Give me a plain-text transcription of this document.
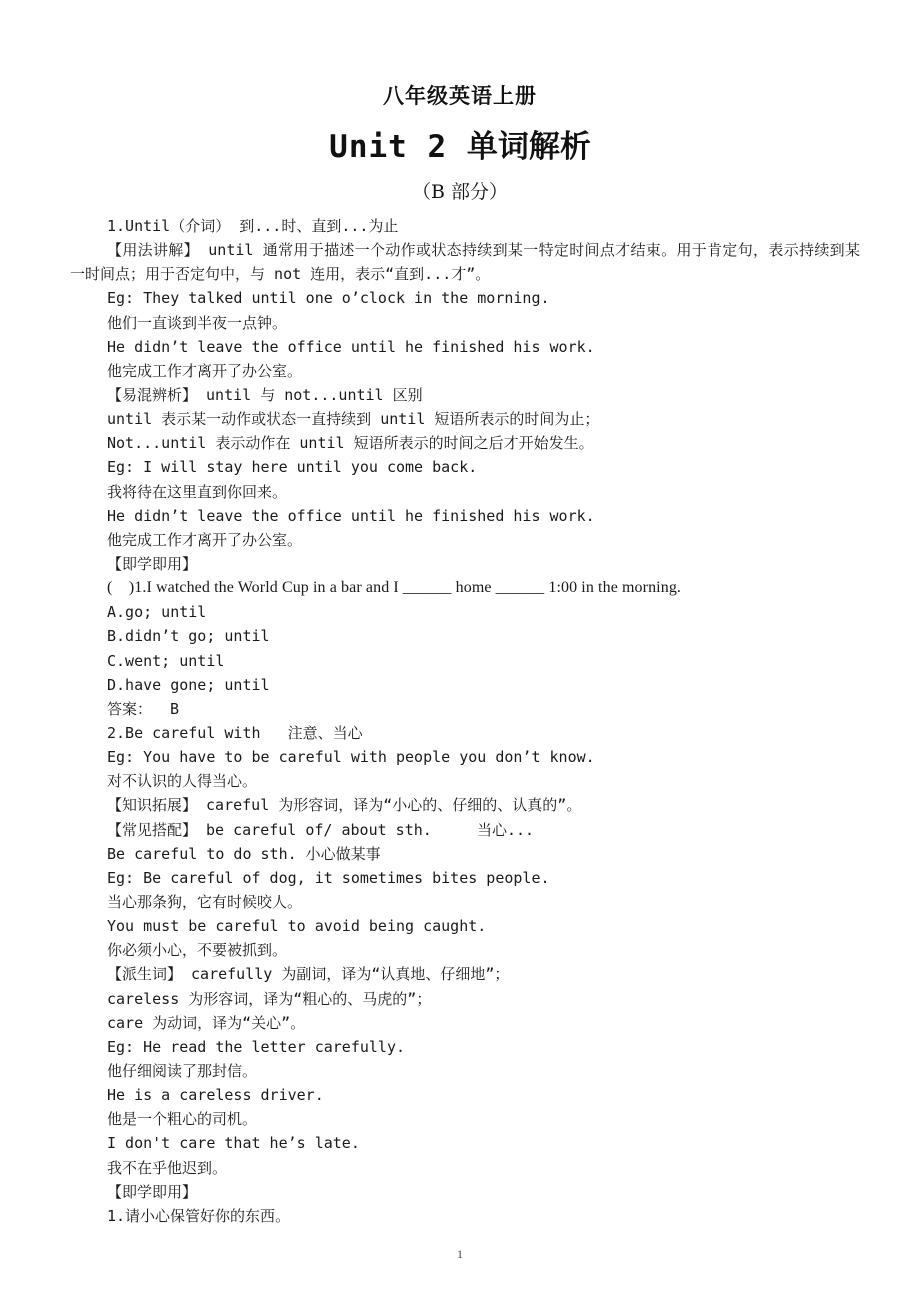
八年级英语上册
Unit 2 单词解析
（B 部分）
1.Until（介词） 到...时、直到...为止
【用法讲解】 until 通常用于描述一个动作或状态持续到某一特定时间点才结束。用于肯定句，表示持续到某一时间点；用于否定句中，与 not 连用，表示“直到...才”。
Eg: They talked until one o’clock in the morning.
他们一直谈到半夜一点钟。
He didn’t leave the office until he finished his work.
他完成工作才离开了办公室。
【易混辨析】 until 与 not...until 区别
until 表示某一动作或状态一直持续到 until 短语所表示的时间为止；
Not...until 表示动作在 until 短语所表示的时间之后才开始发生。
Eg: I will stay here until you come back.
我将待在这里直到你回来。
He didn’t leave the office until he finished his work.
他完成工作才离开了办公室。
【即学即用】
(    )1.I watched the World Cup in a bar and I ______ home ______ 1:00 in the morning.
A.go; until
B.didn’t go; until
C.went; until
D.have gone; until
答案：  B
2.Be careful with   注意、当心
Eg: You have to be careful with people you don’t know.
对不认识的人得当心。
【知识拓展】 careful 为形容词，译为“小心的、仔细的、认真的”。
【常见搭配】 be careful of/ about sth.     当心...
Be careful to do sth. 小心做某事
Eg: Be careful of dog, it sometimes bites people.
当心那条狗，它有时候咬人。
You must be careful to avoid being caught.
你必须小心，不要被抓到。
【派生词】 carefully 为副词，译为“认真地、仔细地”；
careless 为形容词，译为“粗心的、马虎的”；
care 为动词，译为“关心”。
Eg: He read the letter carefully.
他仔细阅读了那封信。
He is a careless driver.
他是一个粗心的司机。
I don't care that he’s late.
我不在乎他迟到。
【即学即用】
1.请小心保管好你的东西。
1
